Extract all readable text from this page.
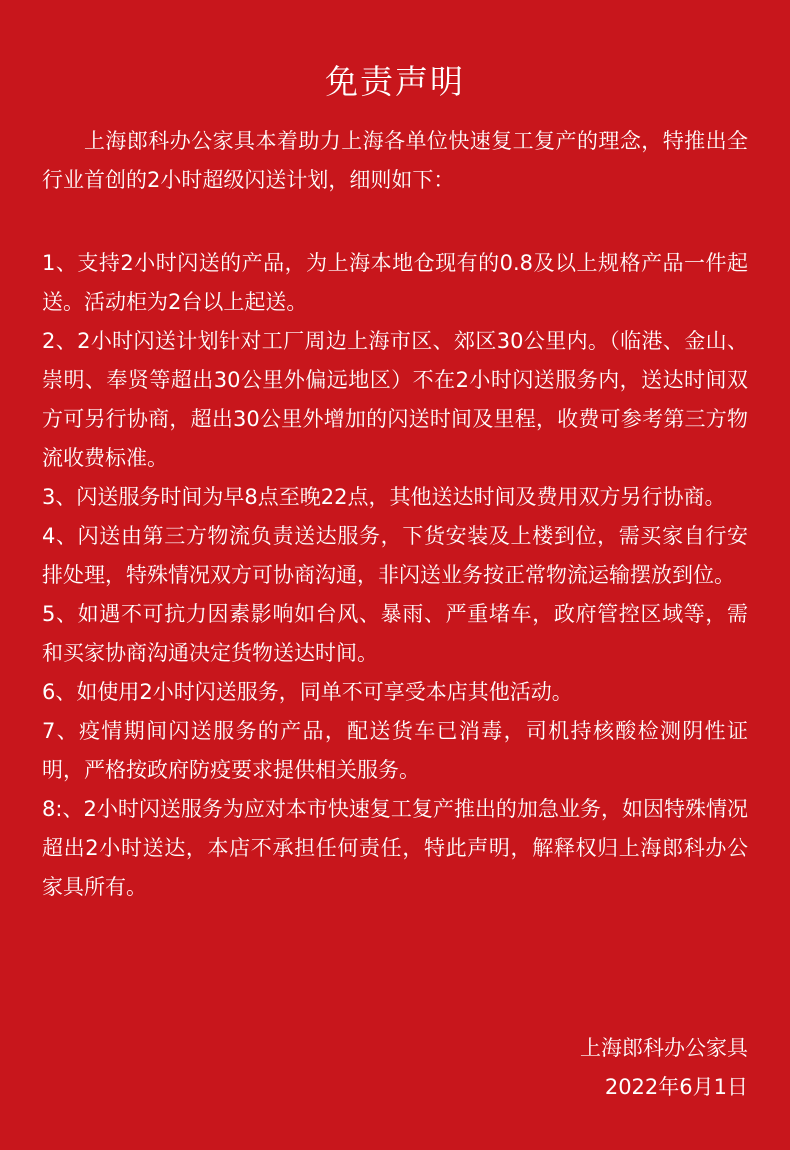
免责声明

上海郎科办公家具本着助力上海各单位快速复工复产的理念，特推出全行业首创的2小时超级闪送计划，细则如下：

1、支持2小时闪送的产品，为上海本地仓现有的0.8及以上规格产品一件起送。活动柜为2台以上起送。

2、2小时闪送计划针对工厂周边上海市区、郊区30公里内。（临港、金山、崇明、奉贤等超出30公里外偏远地区）不在2小时闪送服务内，送达时间双方可另行协商，超出30公里外增加的闪送时间及里程，收费可参考第三方物流收费标准。

3、闪送服务时间为早8点至晚22点，其他送达时间及费用双方另行协商。

4、闪送由第三方物流负责送达服务，下货安装及上楼到位，需买家自行安排处理，特殊情况双方可协商沟通，非闪送业务按正常物流运输摆放到位。

5、如遇不可抗力因素影响如台风、暴雨、严重堵车，政府管控区域等，需和买家协商沟通决定货物送达时间。

6、如使用2小时闪送服务，同单不可享受本店其他活动。

7、疫情期间闪送服务的产品，配送货车已消毒，司机持核酸检测阴性证明，严格按政府防疫要求提供相关服务。

8:、2小时闪送服务为应对本市快速复工复产推出的加急业务，如因特殊情况超出2小时送达，本店不承担任何责任，特此声明，解释权归上海郎科办公家具所有。

上海郎科办公家具
2022年6月1日
